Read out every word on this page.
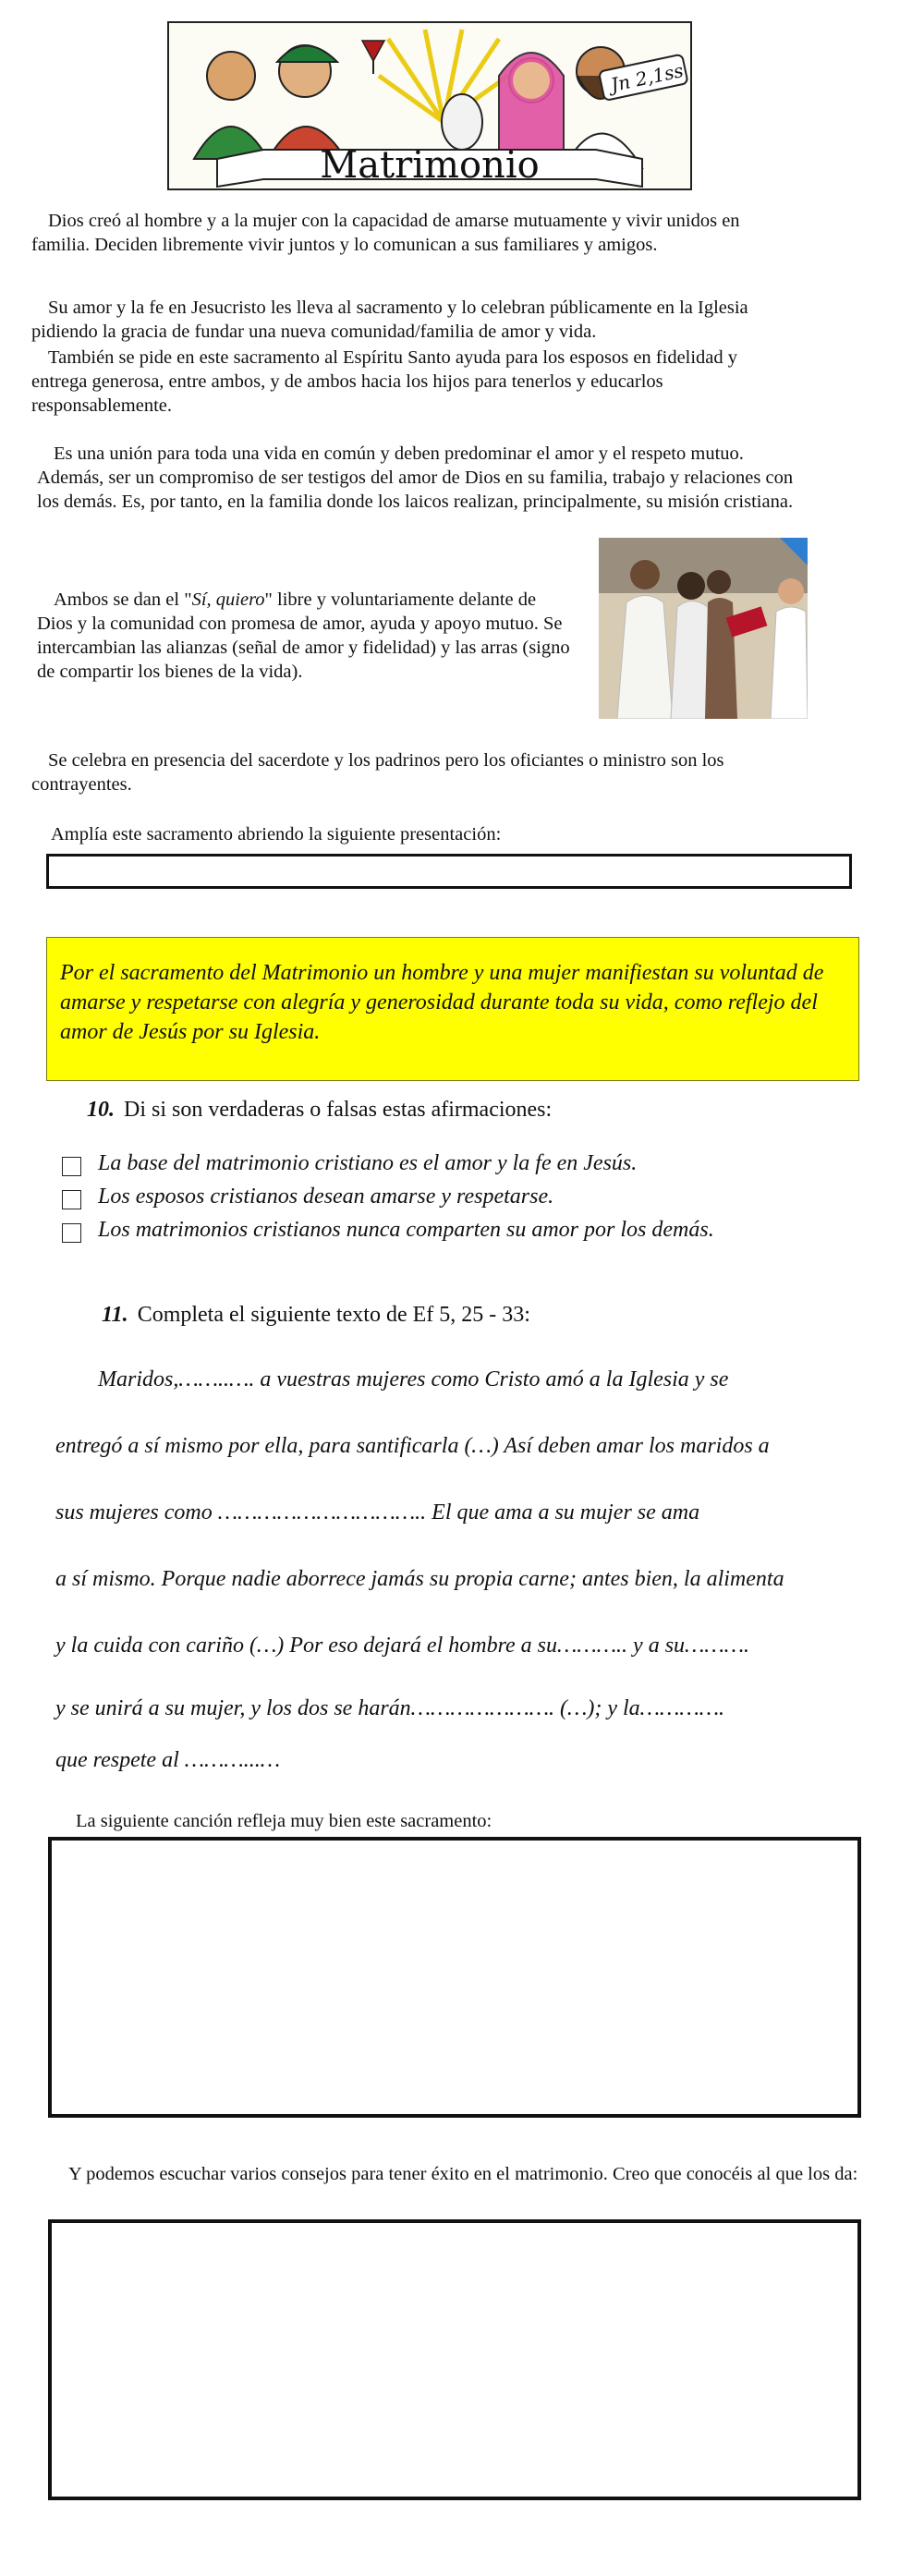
Jn 2,1ss
Matrimonio

Dios creó al hombre y a la mujer con la capacidad de amarse mutuamente y vivir unidos en familia. Deciden libremente vivir juntos y lo comunican a sus familiares y amigos.

Su amor y la fe en Jesucristo les lleva al sacramento y lo celebran públicamente en la Iglesia pidiendo la gracia de fundar una nueva comunidad/familia de amor y vida.

También se pide en este sacramento al Espíritu Santo ayuda para los esposos en fidelidad y entrega generosa, entre ambos, y de ambos hacia los hijos para tenerlos y educarlos responsablemente.

Es una unión para toda una vida en común y deben predominar el amor y el respeto mutuo. Además, ser un compromiso de ser testigos del amor de Dios en su familia, trabajo y relaciones con los demás. Es, por tanto, en la familia donde los laicos realizan, principalmente, su misión cristiana.

Ambos se dan el "Sí, quiero" libre y voluntariamente delante de Dios y la comunidad con promesa de amor, ayuda y apoyo mutuo. Se intercambian las alianzas (señal de amor y fidelidad) y las arras (signo de compartir los bienes de la vida).

Se celebra en presencia del sacerdote y los padrinos pero los oficiantes o ministro son los contrayentes.

Amplía este sacramento abriendo la siguiente presentación:

Por el sacramento del Matrimonio un hombre y una mujer manifiestan su voluntad de amarse y respetarse con alegría y generosidad durante toda su vida, como reflejo del amor de Jesús por su Iglesia.

10. Di si son verdaderas o falsas estas afirmaciones:
La base del matrimonio cristiano es el amor y la fe en Jesús.
Los esposos cristianos desean amarse y respetarse.
Los matrimonios cristianos nunca comparten su amor por los demás.
11. Completa el siguiente texto de Ef 5, 25 - 33:
Maridos,……..…. a vuestras mujeres como Cristo amó a la Iglesia y se
entregó a sí mismo por ella, para santificarla (…) Así deben amar los maridos a
sus mujeres como ………………………….. El que ama a su mujer se ama
a sí mismo. Porque nadie aborrece jamás su propia carne; antes bien, la alimenta
y la cuida con cariño (…) Por eso dejará el hombre a su……….. y a su……….
y se unirá a su mujer, y los dos se harán…………………. (…); y la………….
que respete al ………...…

La siguiente canción refleja muy bien este sacramento:

Y podemos escuchar varios consejos para tener éxito en el matrimonio. Creo que conocéis al que los da:
